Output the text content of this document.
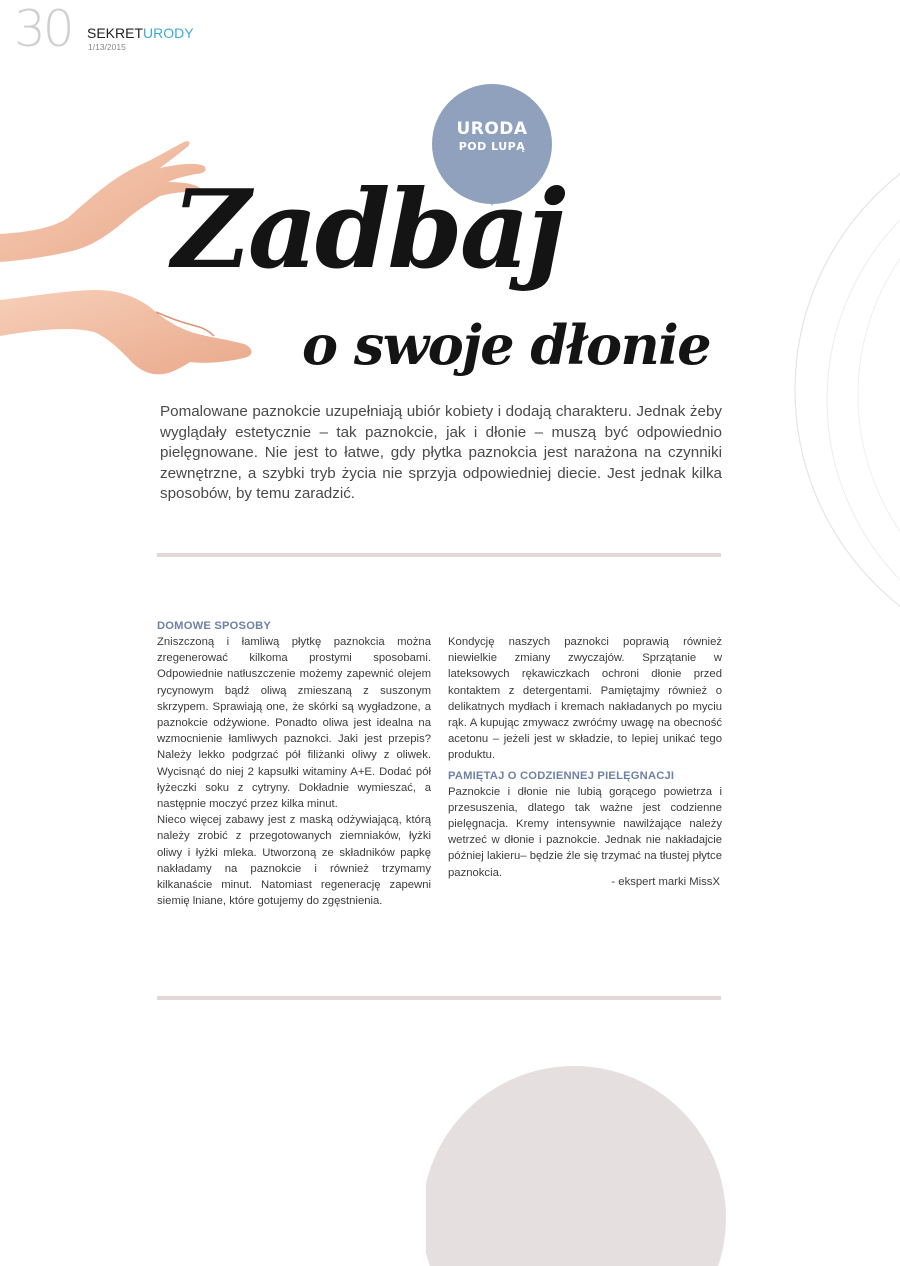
30 SEKRETURODY
1/13/2015
URODA
POD LUPĄ
Zadbaj
o swoje dłonie

Pomalowane paznokcie uzupełniają ubiór kobiety i dodają charakteru. Jednak żeby wyglądały estetycznie – tak paznokcie, jak i dłonie – muszą być odpowiednio pielęgnowane. Nie jest to łatwe, gdy płytka paznokcia jest narażona na czynniki zewnętrzne, a szybki tryb życia nie sprzyja odpowiedniej diecie. Jest jednak kilka sposobów, by temu zaradzić.

DOMOWE SPOSOBY

Zniszczoną i łamliwą płytkę paznokcia można zregenerować kilkoma prostymi sposobami. Odpowiednie natłuszczenie możemy zapewnić olejem rycynowym bądź oliwą zmieszaną z suszonym skrzypem. Sprawiają one, że skórki są wygładzone, a paznokcie odżywione. Ponadto oliwa jest idealna na wzmocnienie łamliwych paznokci. Jaki jest przepis? Należy lekko podgrzać pół filiżanki oliwy z oliwek. Wycisnąć do niej 2 kapsułki witaminy A+E. Dodać pół łyżeczki soku z cytryny. Dokładnie wymieszać, a następnie moczyć przez kilka minut.

Nieco więcej zabawy jest z maską odżywiającą, którą należy zrobić z przegotowanych ziemniaków, łyżki oliwy i łyżki mleka. Utworzoną ze składników papkę nakładamy na paznokcie i również trzymamy kilkanaście minut. Natomiast regenerację zapewni siemię lniane, które gotujemy do zgęstnienia.

Kondycję naszych paznokci poprawią również niewielkie zmiany zwyczajów. Sprzątanie w lateksowych rękawiczkach ochroni dłonie przed kontaktem z detergentami. Pamiętajmy również o delikatnych mydłach i kremach nakładanych po myciu rąk. A kupując zmywacz zwróćmy uwagę na obecność acetonu – jeżeli jest w składzie, to lepiej unikać tego produktu.

PAMIĘTAJ O CODZIENNEJ PIELĘGNACJI

Paznokcie i dłonie nie lubią gorącego powietrza i przesuszenia, dlatego tak ważne jest codzienne pielęgnacja. Kremy intensywnie nawilżające należy wetrzeć w dłonie i paznokcie. Jednak nie nakładajcie później lakieru– będzie źle się trzymać na tłustej płytce paznokcia.

- ekspert marki MissX
